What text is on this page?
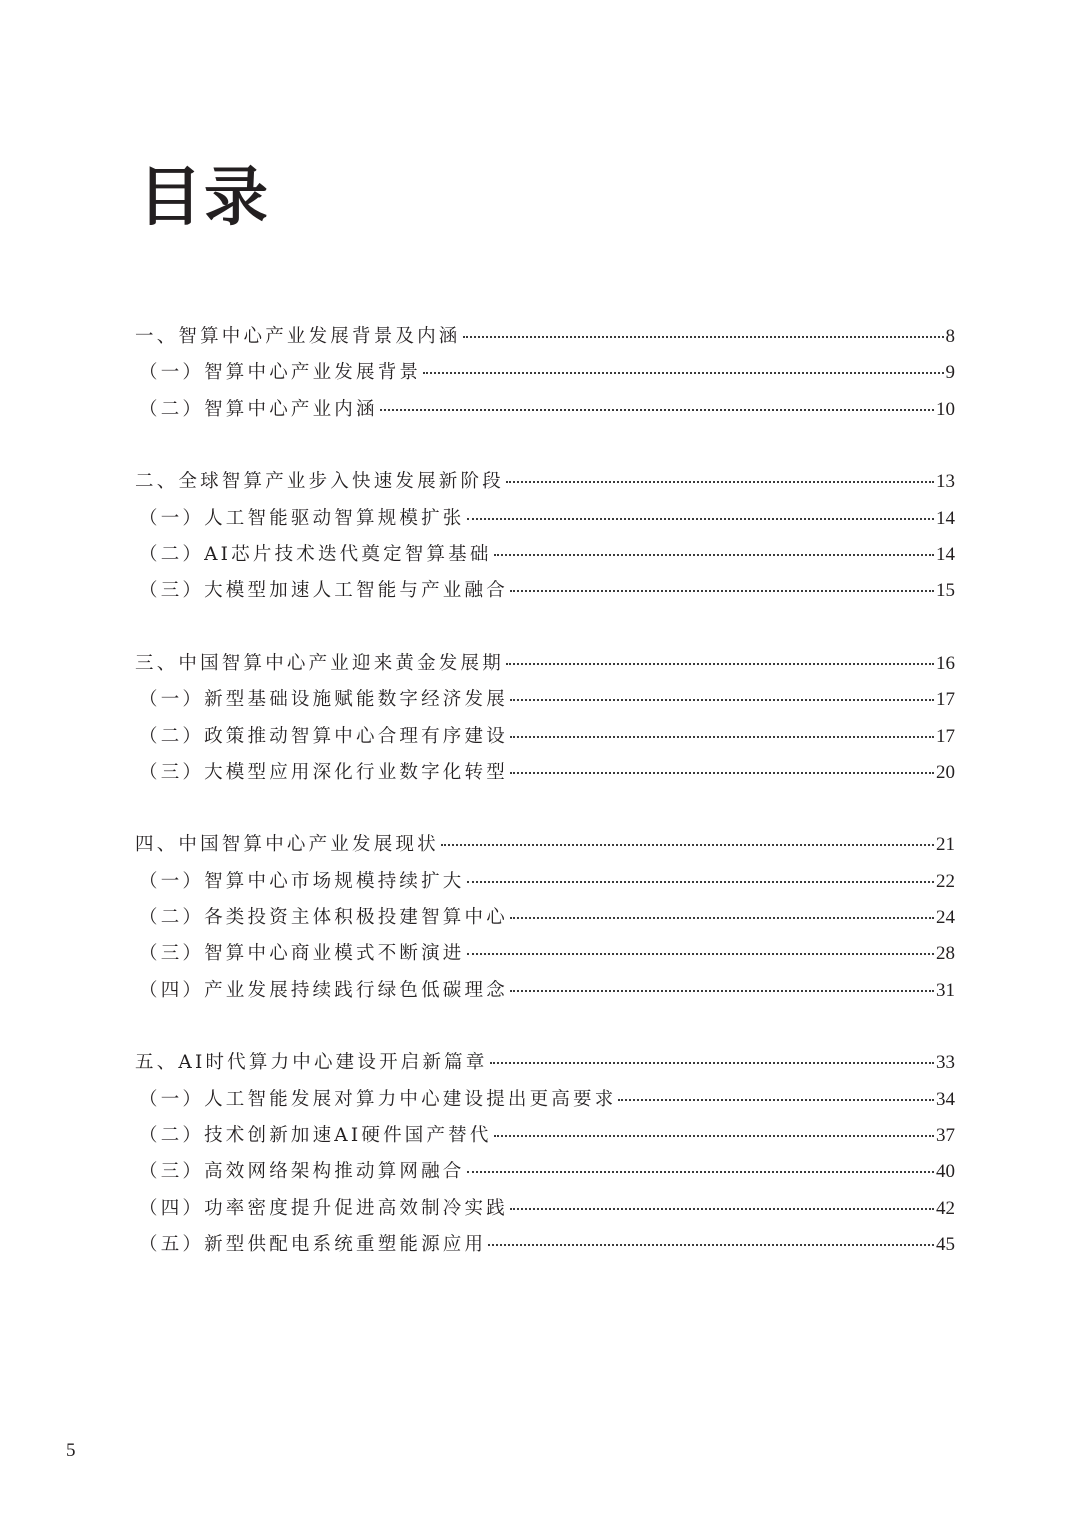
目录
一、智算中心产业发展背景及内涵	8
（一）智算中心产业发展背景	9
（二）智算中心产业内涵	10
二、全球智算产业步入快速发展新阶段	13
（一）人工智能驱动智算规模扩张	14
（二）AI芯片技术迭代奠定智算基础	14
（三）大模型加速人工智能与产业融合	15
三、中国智算中心产业迎来黄金发展期	16
（一）新型基础设施赋能数字经济发展	17
（二）政策推动智算中心合理有序建设	17
（三）大模型应用深化行业数字化转型	20
四、中国智算中心产业发展现状	21
（一）智算中心市场规模持续扩大	22
（二）各类投资主体积极投建智算中心	24
（三）智算中心商业模式不断演进	28
（四）产业发展持续践行绿色低碳理念	31
五、AI时代算力中心建设开启新篇章	33
（一）人工智能发展对算力中心建设提出更高要求	34
（二）技术创新加速AI硬件国产替代	37
（三）高效网络架构推动算网融合	40
（四）功率密度提升促进高效制冷实践	42
（五）新型供配电系统重塑能源应用	45
5
